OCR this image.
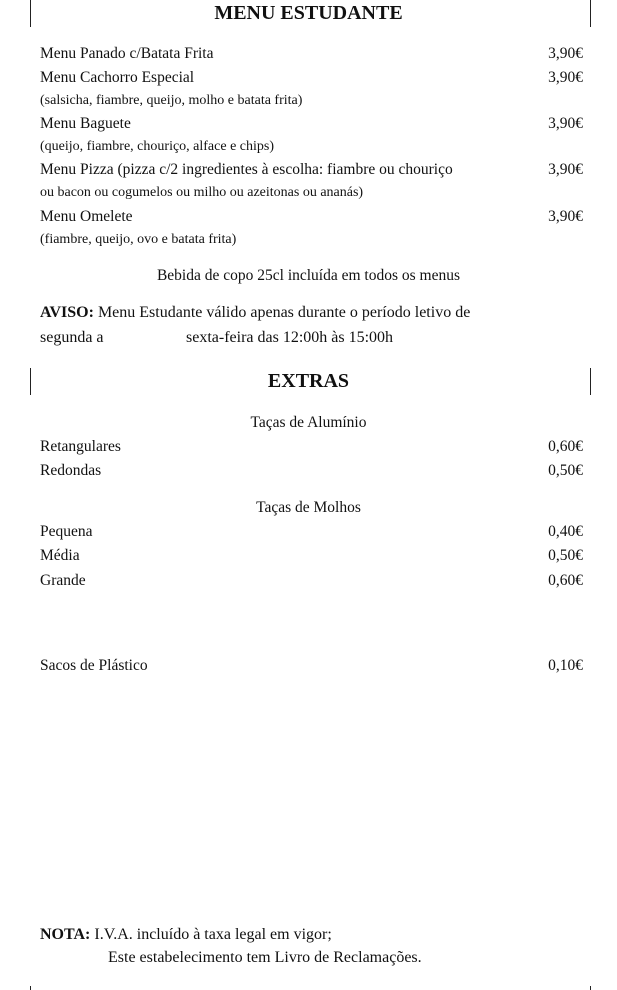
MENU ESTUDANTE
Menu Panado c/Batata Frita	3,90€
Menu Cachorro Especial	3,90€
(salsicha, fiambre, queijo, molho e batata frita)
Menu Baguete	3,90€
(queijo, fiambre, chouriço, alface e chips)
Menu Pizza (pizza c/2 ingredientes à escolha: fiambre ou chouriço	3,90€
ou bacon ou cogumelos ou milho ou azeitonas ou ananás)
Menu Omelete	3,90€
(fiambre, queijo, ovo e batata frita)
Bebida de copo 25cl incluída em todos os menus
AVISO: Menu Estudante válido apenas durante o período letivo de
segunda a	sexta-feira das 12:00h às 15:00h
EXTRAS
Taças de Alumínio
Retangulares	0,60€
Redondas	0,50€
Taças de Molhos
Pequena	0,40€
Média	0,50€
Grande	0,60€
Sacos de Plástico	0,10€
NOTA: I.V.A. incluído à taxa legal em vigor;
Este estabelecimento tem Livro de Reclamações.
